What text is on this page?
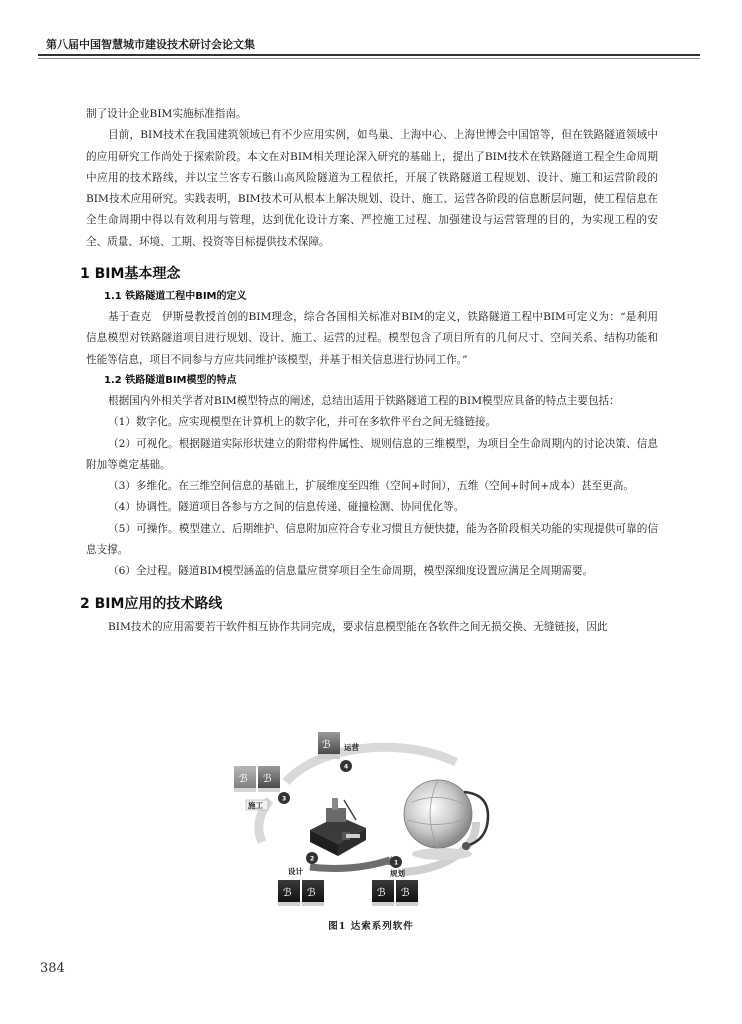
第八届中国智慧城市建设技术研讨会论文集

制了设计企业BIM实施标准指南。

目前，BIM技术在我国建筑领域已有不少应用实例，如鸟巢、上海中心、上海世博会中国馆等，但在铁路隧道领域中的应用研究工作尚处于探索阶段。本文在对BIM相关理论深入研究的基础上，提出了BIM技术在铁路隧道工程全生命周期中应用的技术路线，并以宝兰客专石骸山高风险隧道为工程依托，开展了铁路隧道工程规划、设计、施工和运营阶段的BIM技术应用研究。实践表明，BIM技术可从根本上解决规划、设计、施工、运营各阶段的信息断层问题，使工程信息在全生命周期中得以有效利用与管理，达到优化设计方案、严控施工过程、加强建设与运营管理的目的，为实现工程的安全、质量、环境、工期、投资等目标提供技术保障。

1 BIM基本理念
1.1 铁路隧道工程中BIM的定义

基于查克　伊斯曼教授首创的BIM理念，综合各国相关标准对BIM的定义，铁路隧道工程中BIM可定义为：“是利用信息模型对铁路隧道项目进行规划、设计、施工、运营的过程。模型包含了项目所有的几何尺寸、空间关系、结构功能和性能等信息，项目不同参与方应共同维护该模型，并基于相关信息进行协同工作。”

1.2 铁路隧道BIM模型的特点

根据国内外相关学者对BIM模型特点的阐述，总结出适用于铁路隧道工程的BIM模型应具备的特点主要包括：

（1）数字化。应实现模型在计算机上的数字化，并可在多软件平台之间无缝链接。

（2）可视化。根据隧道实际形状建立的附带构件属性、规则信息的三维模型，为项目全生命周期内的讨论决策、信息附加等奠定基础。

（3）多维化。在三维空间信息的基础上，扩展维度至四维（空间+时间），五维（空间+时间+成本）甚至更高。

（4）协调性。隧道项目各参与方之间的信息传递、碰撞检测、协同优化等。

（5）可操作。模型建立、后期维护、信息附加应符合专业习惯且方便快捷，能为各阶段相关功能的实现提供可靠的信息支撑。

（6）全过程。隧道BIM模型涵盖的信息量应贯穿项目全生命周期，模型深细度设置应满足全周期需要。

2 BIM应用的技术路线

BIM技术的应用需要若干软件相互协作共同完成，要求信息模型能在各软件之间无损交换、无缝链接，因此

ℬ 运营
4
ℬ ℬ
施工
3
2
1
设计
ℬ ℬ
规划
ℬ ℬ
图1 达索系列软件
384
